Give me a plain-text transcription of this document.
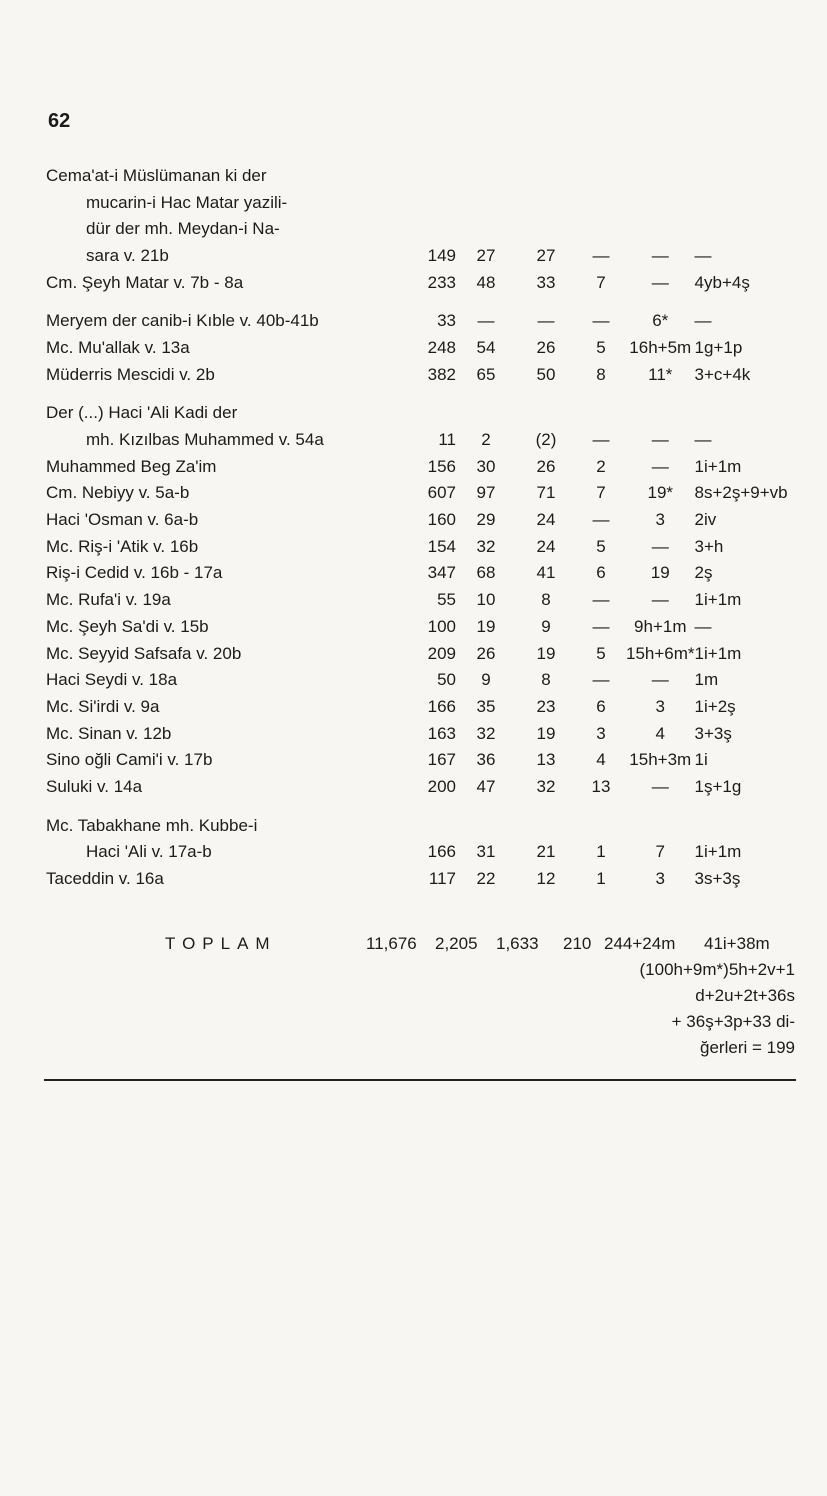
62
Cema'at-i Müslümanan ki der						
mucarin-i Hac Matar yazili-						
dür der mh. Meydan-i Na-						
sara v. 21b	149	27	27	—	—	—
Cm. Şeyh Matar v. 7b - 8a	233	48	33	7	—	4yb+4ş

Meryem der canib-i Kıble v. 40b-41b	33	—	—	—	6*	—
Mc. Mu'allak v. 13a	248	54	26	5	16h+5m	1g+1p
Müderris Mescidi v. 2b	382	65	50	8	11*	3+c+4k

Der (...) Haci 'Ali Kadi der						
mh. Kızılbas Muhammed v. 54a	11	2	(2)	—	—	—
Muhammed Beg Za'im	156	30	26	2	—	1i+1m
Cm. Nebiyy v. 5a-b	607	97	71	7	19*	8s+2ş+9+vb
Haci 'Osman v. 6a-b	160	29	24	—	3	2iv
Mc. Riş-i 'Atik v. 16b	154	32	24	5	—	3+h
Riş-i Cedid v. 16b - 17a	347	68	41	6	19	2ş
Mc. Rufa'i v. 19a	55	10	8	—	—	1i+1m
Mc. Şeyh Sa'di v. 15b	100	19	9	—	9h+1m	—
Mc. Seyyid Safsafa v. 20b	209	26	19	5	15h+6m*	1i+1m
Haci Seydi v. 18a	50	9	8	—	—	1m
Mc. Si'irdi v. 9a	166	35	23	6	3	1i+2ş
Mc. Sinan v. 12b	163	32	19	3	4	3+3ş
Sino oğli Cami'i v. 17b	167	36	13	4	15h+3m	1i
Suluki v. 14a	200	47	32	13	—	1ş+1g

Mc. Tabakhane mh. Kubbe-i						
Haci 'Ali v. 17a-b	166	31	21	1	7	1i+1m
Taceddin v. 16a	117	22	12	1	3	3s+3ş
TOPLAM	11,676 2,205 1,633 210 244+24m 41i+38m
(100h+9m*)5h+2v+1
d+2u+2t+36s
+ 36ş+3p+33 di-
ğerleri = 199
